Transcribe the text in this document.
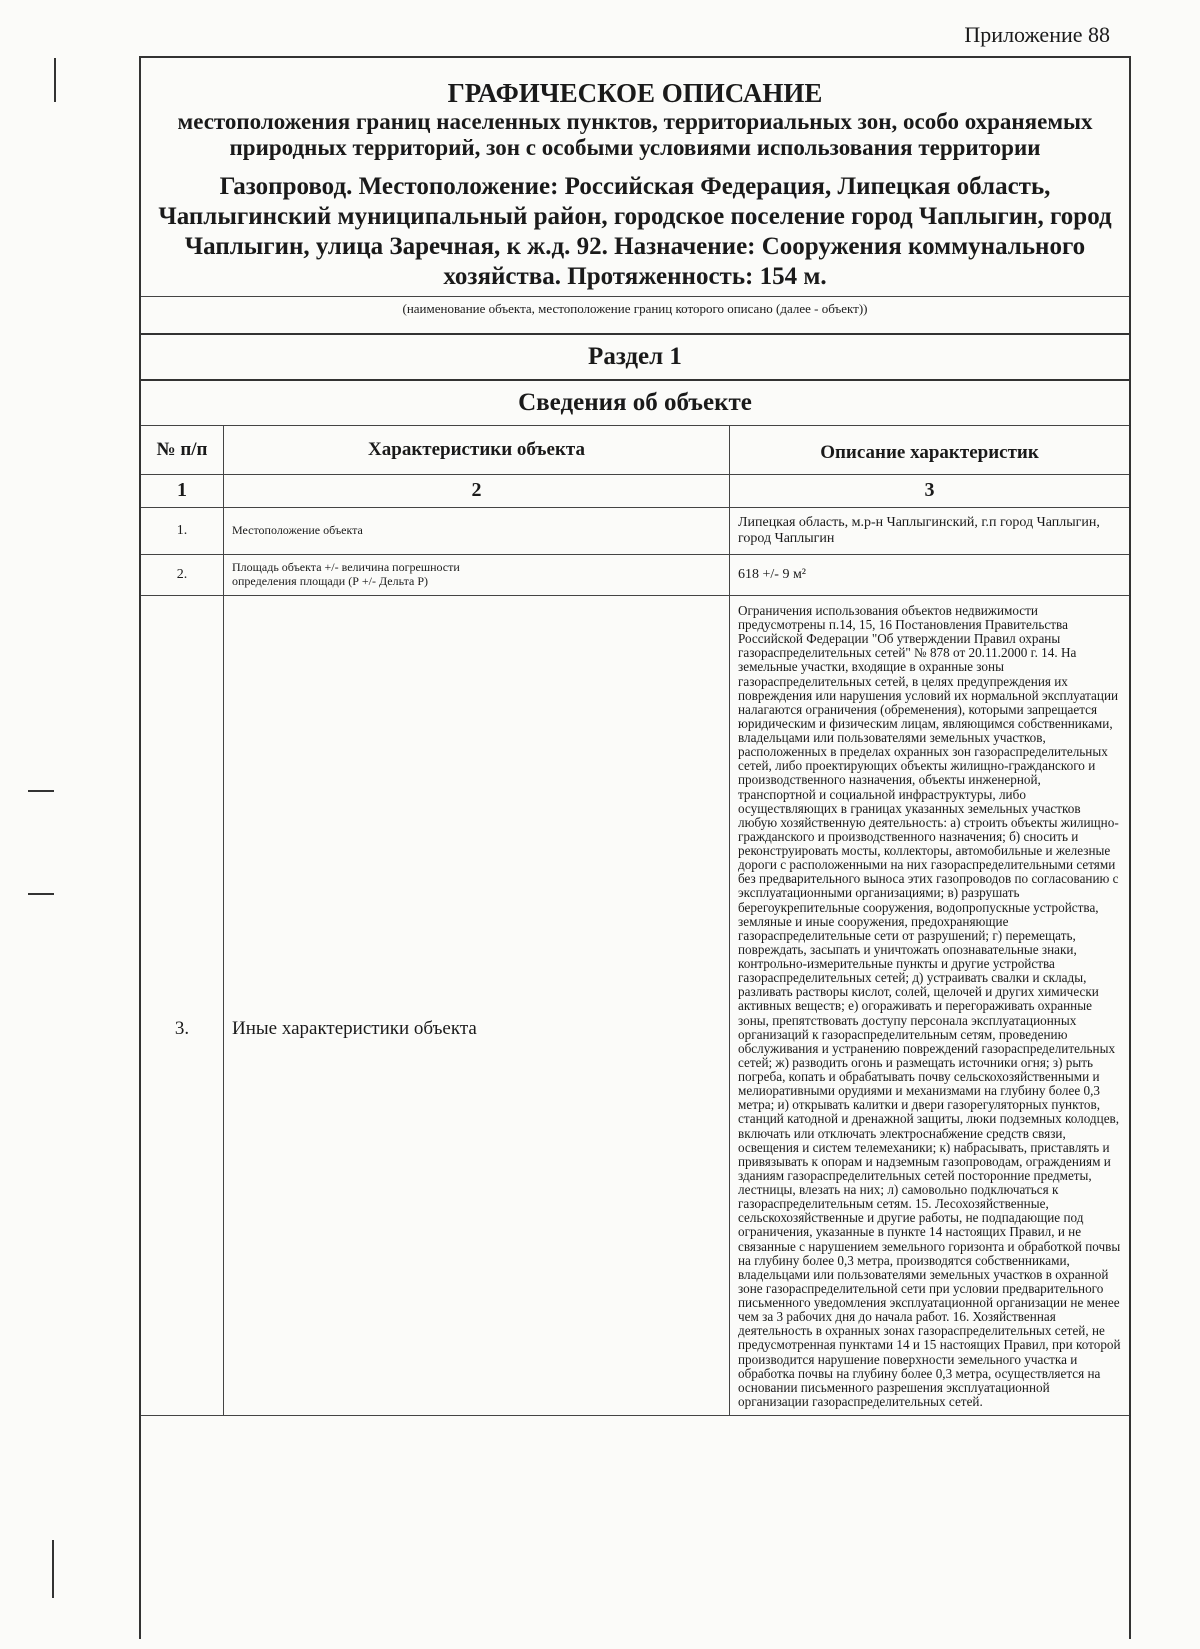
Приложение 88
ГРАФИЧЕСКОЕ ОПИСАНИЕ
местоположения границ населенных пунктов, территориальных зон, особо охраняемых природных территорий, зон с особыми условиями использования территории
Газопровод. Местоположение: Российская Федерация, Липецкая область, Чаплыгинский муниципальный район, городское поселение город Чаплыгин, город Чаплыгин, улица Заречная, к ж.д. 92. Назначение: Сооружения коммунального хозяйства. Протяженность: 154 м.
(наименование объекта, местоположение границ которого описано (далее - объект))
Раздел 1
Сведения об объекте
№ п/п	Характеристики объекта	Описание характеристик
1	2	3
1.	Местоположение объекта	Липецкая область, м.р-н Чаплыгинский, г.п город Чаплыгин, город Чаплыгин
2.	Площадь объекта +/- величина погрешности определения площади (Р +/- Дельта Р)	618 +/- 9 м²
3.	Иные характеристики объекта	Ограничения использования объектов недвижимости предусмотрены п.14, 15, 16 Постановления Правительства Российской Федерации "Об утверждении Правил охраны газораспределительных сетей" № 878 от 20.11.2000 г. 14. На земельные участки, входящие в охранные зоны газораспределительных сетей, в целях предупреждения их повреждения или нарушения условий их нормальной эксплуатации налагаются ограничения (обременения), которыми запрещается юридическим и физическим лицам, являющимся собственниками, владельцами или пользователями земельных участков, расположенных в пределах охранных зон газораспределительных сетей, либо проектирующих объекты жилищно-гражданского и производственного назначения, объекты инженерной, транспортной и социальной инфраструктуры, либо осуществляющих в границах указанных земельных участков любую хозяйственную деятельность: а) строить объекты жилищно-гражданского и производственного назначения; б) сносить и реконструировать мосты, коллекторы, автомобильные и железные дороги с расположенными на них газораспределительными сетями без предварительного выноса этих газопроводов по согласованию с эксплуатационными организациями; в) разрушать берегоукрепительные сооружения, водопропускные устройства, земляные и иные сооружения, предохраняющие газораспределительные сети от разрушений; г) перемещать, повреждать, засыпать и уничтожать опознавательные знаки, контрольно-измерительные пункты и другие устройства газораспределительных сетей; д) устраивать свалки и склады, разливать растворы кислот, солей, щелочей и других химически активных веществ; е) огораживать и перегораживать охранные зоны, препятствовать доступу персонала эксплуатационных организаций к газораспределительным сетям, проведению обслуживания и устранению повреждений газораспределительных сетей; ж) разводить огонь и размещать источники огня; з) рыть погреба, копать и обрабатывать почву сельскохозяйственными и мелиоративными орудиями и механизмами на глубину более 0,3 метра; и) открывать калитки и двери газорегуляторных пунктов, станций катодной и дренажной защиты, люки подземных колодцев, включать или отключать электроснабжение средств связи, освещения и систем телемеханики; к) набрасывать, приставлять и привязывать к опорам и надземным газопроводам, ограждениям и зданиям газораспределительных сетей посторонние предметы, лестницы, влезать на них; л) самовольно подключаться к газораспределительным сетям. 15. Лесохозяйственные, сельскохозяйственные и другие работы, не подпадающие под ограничения, указанные в пункте 14 настоящих Правил, и не связанные с нарушением земельного горизонта и обработкой почвы на глубину более 0,3 метра, производятся собственниками, владельцами или пользователями земельных участков в охранной зоне газораспределительной сети при условии предварительного письменного уведомления эксплуатационной организации не менее чем за 3 рабочих дня до начала работ. 16. Хозяйственная деятельность в охранных зонах газораспределительных сетей, не предусмотренная пунктами 14 и 15 настоящих Правил, при которой производится нарушение поверхности земельного участка и обработка почвы на глубину более 0,3 метра, осуществляется на основании письменного разрешения эксплуатационной организации газораспределительных сетей.
